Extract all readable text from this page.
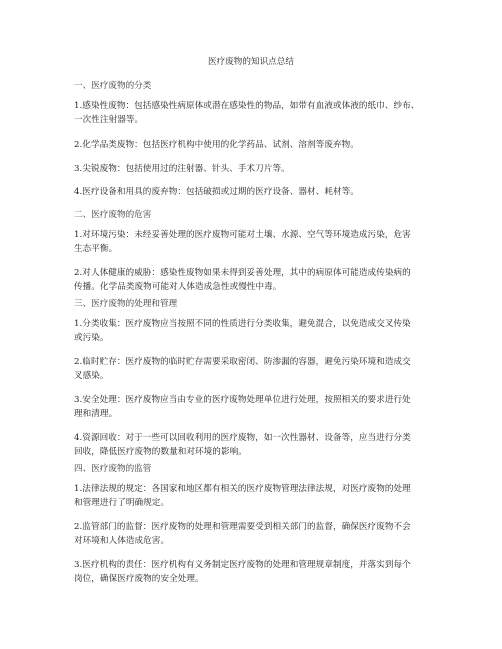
医疗废物的知识点总结
一、医疗废物的分类
1.感染性废物：包括感染性病原体或潜在感染性的物品，如带有血液或体液的纸巾、纱布、
一次性注射器等。
2.化学品类废物：包括医疗机构中使用的化学药品、试剂、溶剂等废弃物。
3.尖锐废物：包括使用过的注射器、针头、手术刀片等。
4.医疗设备和用具的废弃物：包括破损或过期的医疗设备、器材、耗材等。
二、医疗废物的危害
1.对环境污染：未经妥善处理的医疗废物可能对土壤、水源、空气等环境造成污染，危害
生态平衡。
2.对人体健康的威胁：感染性废物如果未得到妥善处理，其中的病原体可能造成传染病的
传播。化学品类废物可能对人体造成急性或慢性中毒。
三、医疗废物的处理和管理
1.分类收集：医疗废物应当按照不同的性质进行分类收集，避免混合，以免造成交叉传染
或污染。
2.临时贮存：医疗废物的临时贮存需要采取密闭、防渗漏的容器，避免污染环境和造成交
叉感染。
3.安全处理：医疗废物应当由专业的医疗废物处理单位进行处理，按照相关的要求进行处
理和清理。
4.资源回收：对于一些可以回收利用的医疗废物，如一次性器材、设备等，应当进行分类
回收，降低医疗废物的数量和对环境的影响。
四、医疗废物的监管
1.法律法规的规定：各国家和地区都有相关的医疗废物管理法律法规，对医疗废物的处理
和管理进行了明确规定。
2.监管部门的监督：医疗废物的处理和管理需要受到相关部门的监督，确保医疗废物不会
对环境和人体造成危害。
3.医疗机构的责任：医疗机构有义务制定医疗废物的处理和管理规章制度，并落实到每个
岗位，确保医疗废物的安全处理。
